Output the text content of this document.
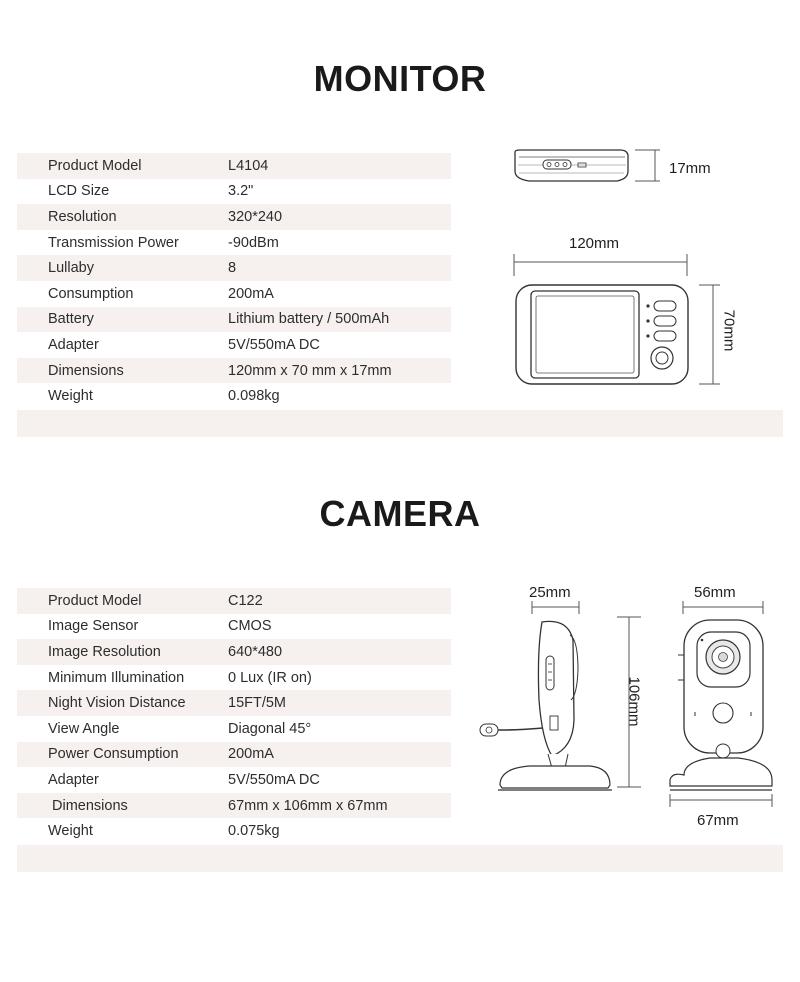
MONITOR
Product Model	L4104
LCD Size	3.2"
Resolution	320*240
Transmission Power	-90dBm
Lullaby	8
Consumption	200mA
Battery	Lithium battery / 500mAh
Adapter	5V/550mA DC
Dimensions	120mm x 70 mm x 17mm
Weight	0.098kg
17mm
120mm
70mm
CAMERA
Product Model	C122
Image Sensor	CMOS
Image Resolution	640*480
Minimum Illumination	0 Lux (IR on)
Night Vision Distance	15FT/5M
View Angle	Diagonal 45°
Power Consumption	200mA
Adapter	5V/550mA DC
Dimensions	67mm x 106mm x 67mm
Weight	0.075kg
25mm
106mm
56mm
67mm
